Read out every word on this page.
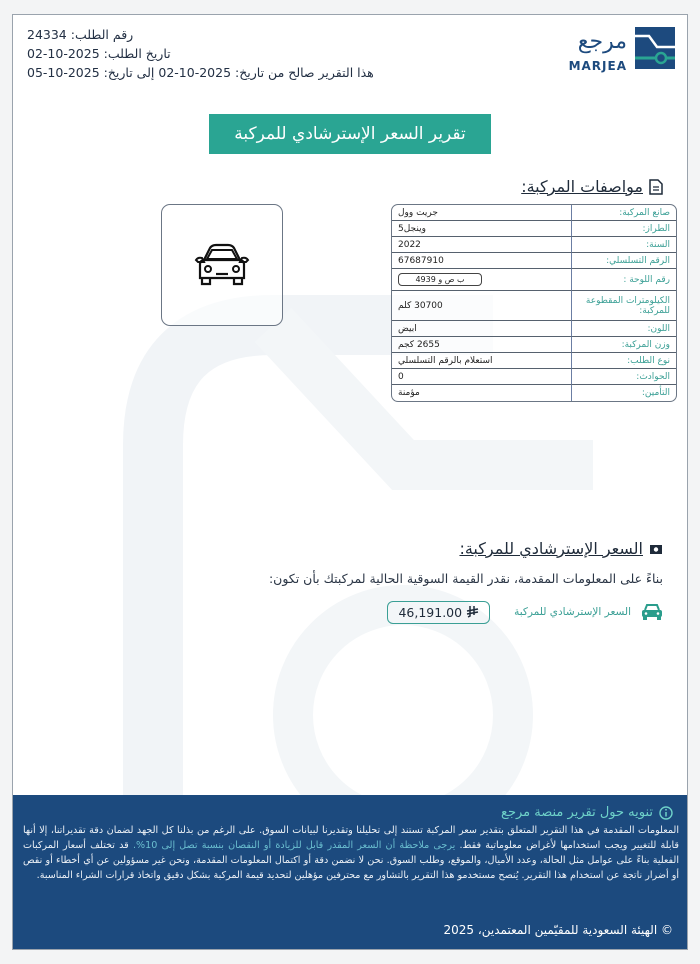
رقم الطلب: 24334
تاريخ الطلب: 2025-10-02
هذا التقرير صالح من تاريخ: 2025-10-02 إلى تاريخ: 2025-10-05
مرجع
MARJEA
تقرير السعر الإسترشادي للمركبة
مواصفات المركبة:
صانع المركبة:	جريت وول
الطراز:	وينجل5
السنة:	2022
الرقم التسلسلي:	67687910
رقم اللوحة :	ب ص و 4939
الكيلومترات المقطوعة للمركبة:	30700 كلم
اللون:	ابيض
وزن المركبة:	2655 كجم
نوع الطلب:	استعلام بالرقم التسلسلي
الحوادث:	0
التأمين:	مؤمنة
السعر الإسترشادي للمركبة:
بناءً على المعلومات المقدمة، نقدر القيمة السوقية الحالية لمركبتك بأن تكون:
السعر الإسترشادي للمركبة
46,191.00
تنويه حول تقرير منصة مرجع
المعلومات المقدمة في هذا التقرير المتعلق بتقدير سعر المركبة تستند إلى تحليلنا وتقديرنا لبيانات السوق. على الرغم من بذلنا كل الجهد لضمان دقة تقديراتنا، إلا أنها قابلة للتغيير ويجب استخدامها لأغراض معلوماتية فقط. يرجى ملاحظة أن السعر المقدر قابل للزيادة أو النقصان بنسبة تصل إلى 10%. قد تختلف أسعار المركبات الفعلية بناءً على عوامل مثل الحالة، وعدد الأميال، والموقع، وطلب السوق. نحن لا نضمن دقة أو اكتمال المعلومات المقدمة، ونحن غير مسؤولين عن أي أخطاء أو نقص أو أضرار ناتجة عن استخدام هذا التقرير. يُنصح مستخدمو هذا التقرير بالتشاور مع محترفين مؤهلين لتحديد قيمة المركبة بشكل دقيق واتخاذ قرارات الشراء المناسبة.
© الهيئة السعودية للمقيّمين المعتمدين، 2025
